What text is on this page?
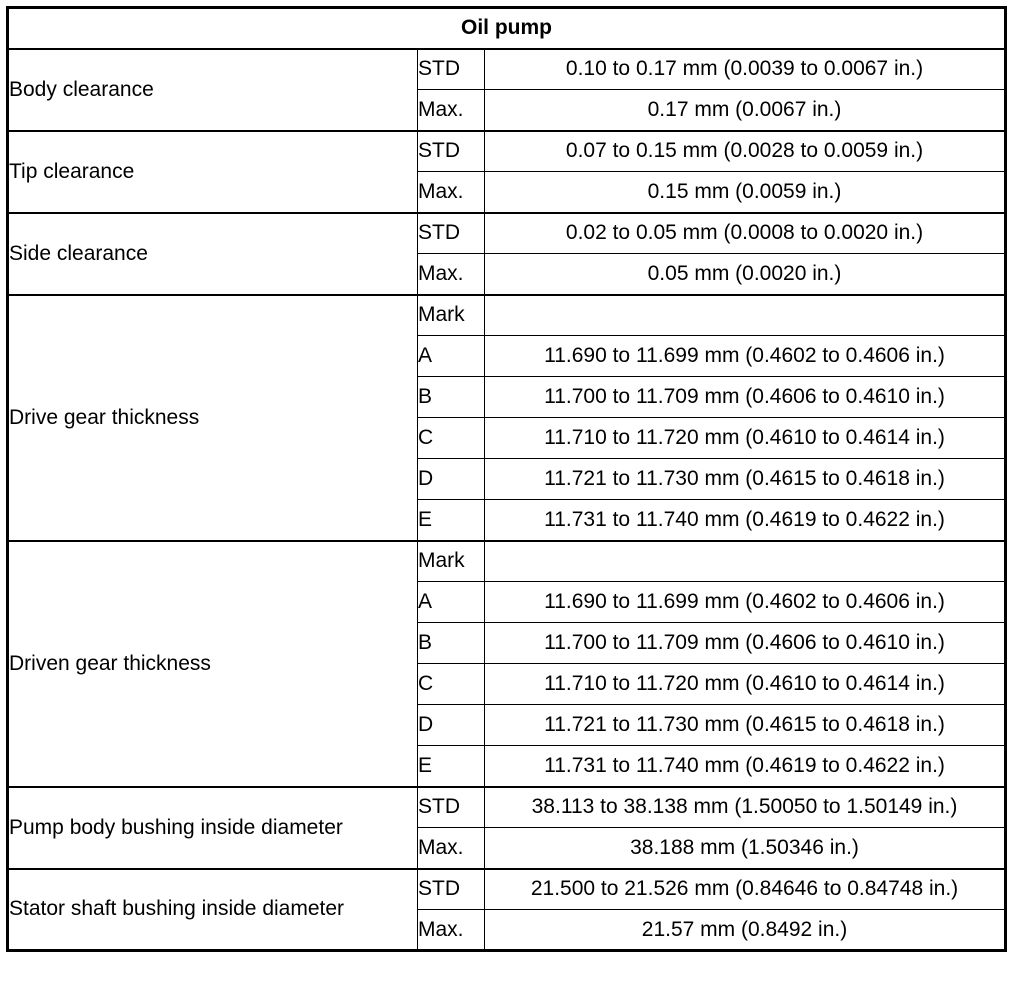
Oil pump		
Body clearance	STD	0.10 to 0.17 mm (0.0039 to 0.0067 in.)
	Max.	0.17 mm (0.0067 in.)
Tip clearance	STD	0.07 to 0.15 mm (0.0028 to 0.0059 in.)
	Max.	0.15 mm (0.0059 in.)
Side clearance	STD	0.02 to 0.05 mm (0.0008 to 0.0020 in.)
	Max.	0.05 mm (0.0020 in.)
Drive gear thickness	Mark	
	A	11.690 to 11.699 mm (0.4602 to 0.4606 in.)
	B	11.700 to 11.709 mm (0.4606 to 0.4610 in.)
	C	11.710 to 11.720 mm (0.4610 to 0.4614 in.)
	D	11.721 to 11.730 mm (0.4615 to 0.4618 in.)
	E	11.731 to 11.740 mm (0.4619 to 0.4622 in.)
Driven gear thickness	Mark	
	A	11.690 to 11.699 mm (0.4602 to 0.4606 in.)
	B	11.700 to 11.709 mm (0.4606 to 0.4610 in.)
	C	11.710 to 11.720 mm (0.4610 to 0.4614 in.)
	D	11.721 to 11.730 mm (0.4615 to 0.4618 in.)
	E	11.731 to 11.740 mm (0.4619 to 0.4622 in.)
Pump body bushing inside diameter	STD	38.113 to 38.138 mm (1.50050 to 1.50149 in.)
	Max.	38.188 mm (1.50346 in.)
Stator shaft bushing inside diameter	STD	21.500 to 21.526 mm (0.84646 to 0.84748 in.)
	Max.	21.57 mm (0.8492 in.)
